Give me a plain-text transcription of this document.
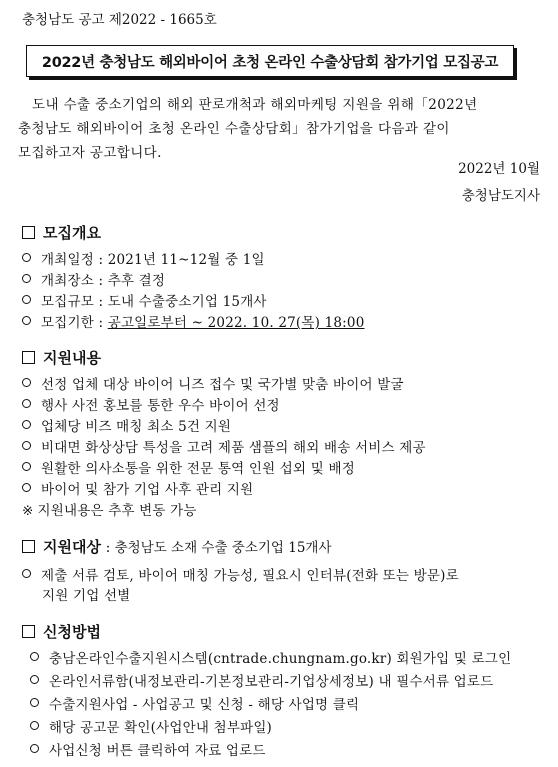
충청남도 공고 제2022 - 1665호
2022년 충청남도 해외바이어 초청 온라인 수출상담회 참가기업 모집공고
도내 수출 중소기업의 해외 판로개척과 해외마케팅 지원을 위해「2022년
충청남도 해외바이어 초청 온라인 수출상담회」참가기업을 다음과 같이
모집하고자 공고합니다.
2022년 10월
충청남도지사
모집개요
개최일정 : 2021년 11~12월 중 1일
개최장소 : 추후 결정
모집규모 : 도내 수출중소기업 15개사
모집기한 : 공고일로부터 ~ 2022. 10. 27(목) 18:00
지원내용
선정 업체 대상 바이어 니즈 접수 및 국가별 맞춤 바이어 발굴
행사 사전 홍보를 통한 우수 바이어 선정
업체당 비즈 매칭 최소 5건 지원
비대면 화상상담 특성을 고려 제품 샘플의 해외 배송 서비스 제공
원활한 의사소통을 위한 전문 통역 인원 섭외 및 배정
바이어 및 참가 기업 사후 관리 지원
※ 지원내용은 추후 변동 가능
지원대상 : 충청남도 소재 수출 중소기업 15개사
제출 서류 검토, 바이어 매칭 가능성, 필요시 인터뷰(전화 또는 방문)로
지원 기업 선별
신청방법
충남온라인수출지원시스템(cntrade.chungnam.go.kr) 회원가입 및 로그인
온라인서류함(내정보관리-기본정보관리-기업상세정보) 내 필수서류 업로드
수출지원사업 - 사업공고 및 신청 - 해당 사업명 클릭
해당 공고문 확인(사업안내 첨부파일)
사업신청 버튼 클릭하여 자료 업로드
